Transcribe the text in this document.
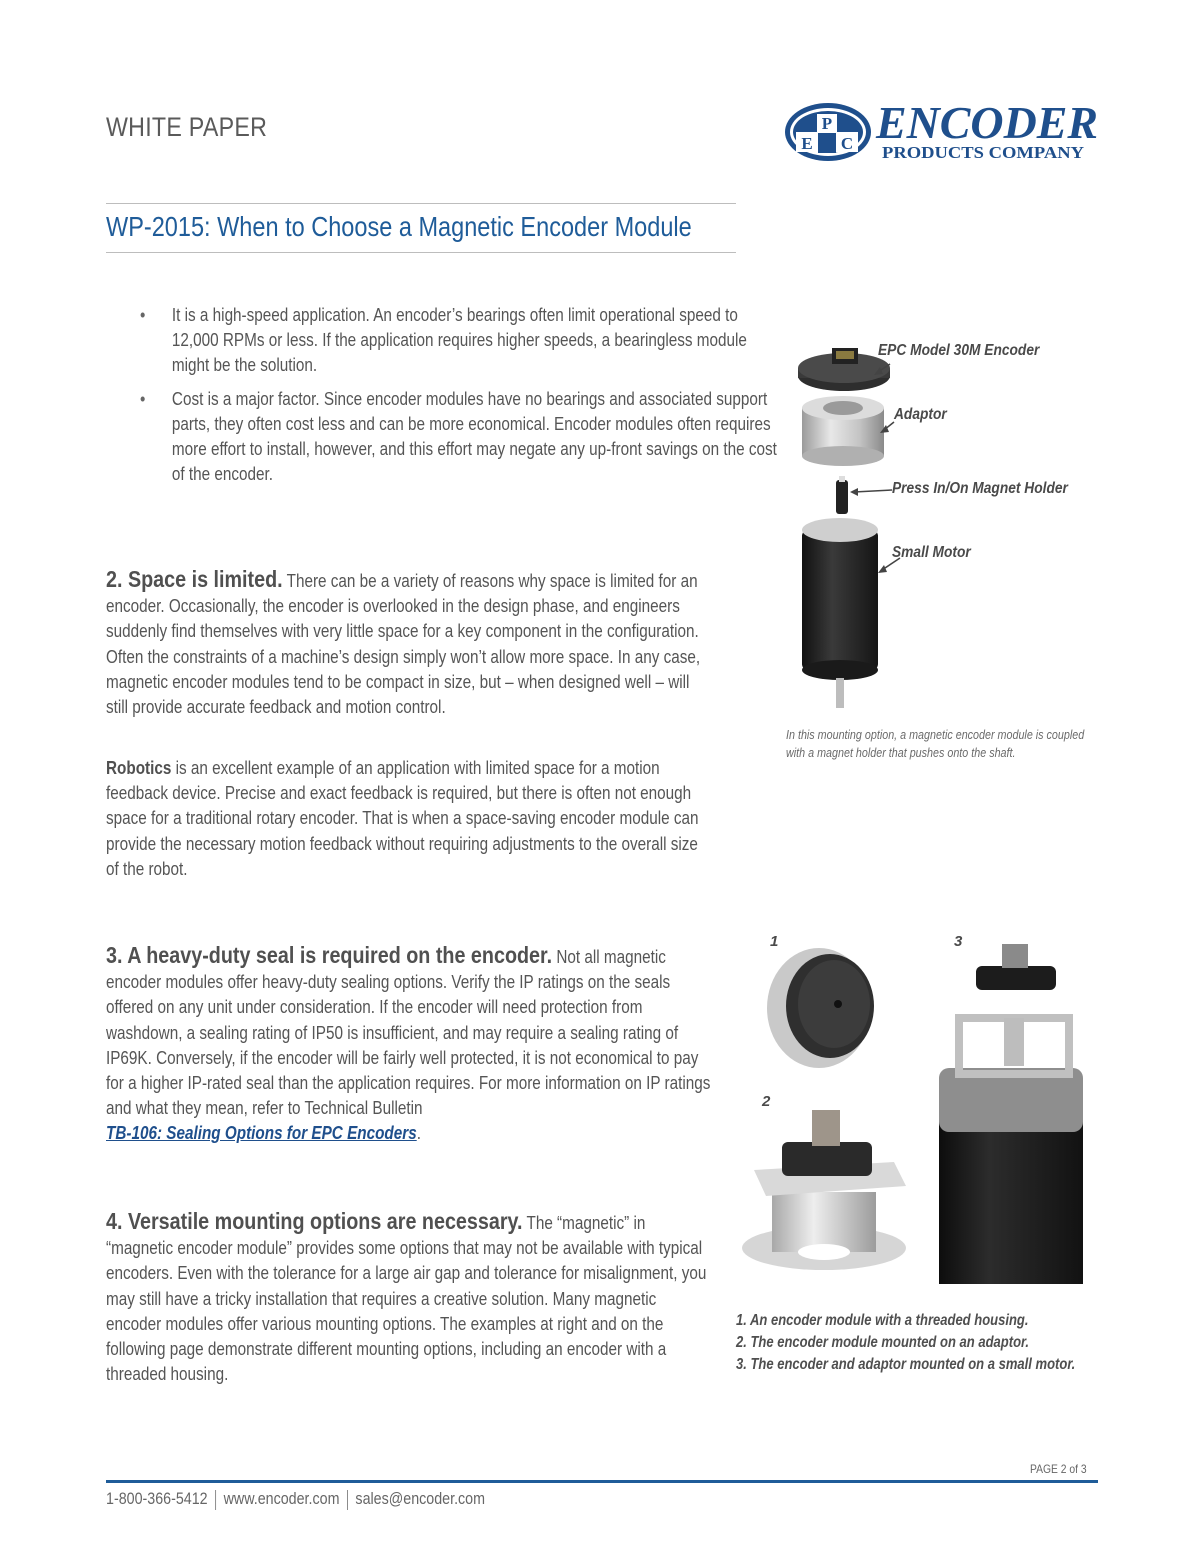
WHITE PAPER	P
E C ENCODER
PRODUCTS COMPANY
WP-2015: When to Choose a Magnetic Encoder Module
• It is a high-speed application. An encoder’s bearings often limit operational speed to 12,000 RPMs or less. If the application requires higher speeds, a bearingless module might be the solution.
• Cost is a major factor. Since encoder modules have no bearings and associated support parts, they often cost less and can be more economical. Encoder modules often requires more effort to install, however, and this effort may negate any up-front savings on the cost of the encoder.
2. Space is limited. There can be a variety of reasons why space is limited for an encoder. Occasionally, the encoder is overlooked in the design phase, and engineers suddenly find themselves with very little space for a key component in the configuration. Often the constraints of a machine’s design simply won’t allow more space. In any case, magnetic encoder modules tend to be compact in size, but – when designed well – will still provide accurate feedback and motion control.
Robotics is an excellent example of an application with limited space for a motion feedback device. Precise and exact feedback is required, but there is often not enough space for a traditional rotary encoder. That is when a space-saving encoder module can provide the necessary motion feedback without requiring adjustments to the overall size of the robot.
3. A heavy-duty seal is required on the encoder. Not all magnetic encoder modules offer heavy-duty sealing options. Verify the IP ratings on the seals offered on any unit under consideration. If the encoder will need protection from washdown, a sealing rating of IP50 is insufficient, and may require a sealing rating of IP69K. Conversely, if the encoder will be fairly well protected, it is not economical to pay for a higher IP-rated seal than the application requires. For more information on IP ratings and what they mean, refer to Technical Bulletin
TB-106: Sealing Options for EPC Encoders.
4. Versatile mounting options are necessary. The “magnetic” in “magnetic encoder module” provides some options that may not be available with typical encoders. Even with the tolerance for a large air gap and tolerance for misalignment, you may still have a tricky installation that requires a creative solution. Many magnetic encoder modules offer various mounting options. The examples at right and on the following page demonstrate different mounting options, including an encoder with a threaded housing.
EPC Model 30M Encoder
Adaptor
Press In/On Magnet Holder
Small Motor
In this mounting option, a magnetic encoder module is coupled with a magnet holder that pushes onto the shaft.
1
2
3
1. An encoder module with a threaded housing.
2. The encoder module mounted on an adaptor.
3. The encoder and adaptor mounted on a small motor.
PAGE 2 of 3
1-800-366-5412 www.encoder.com sales@encoder.com
